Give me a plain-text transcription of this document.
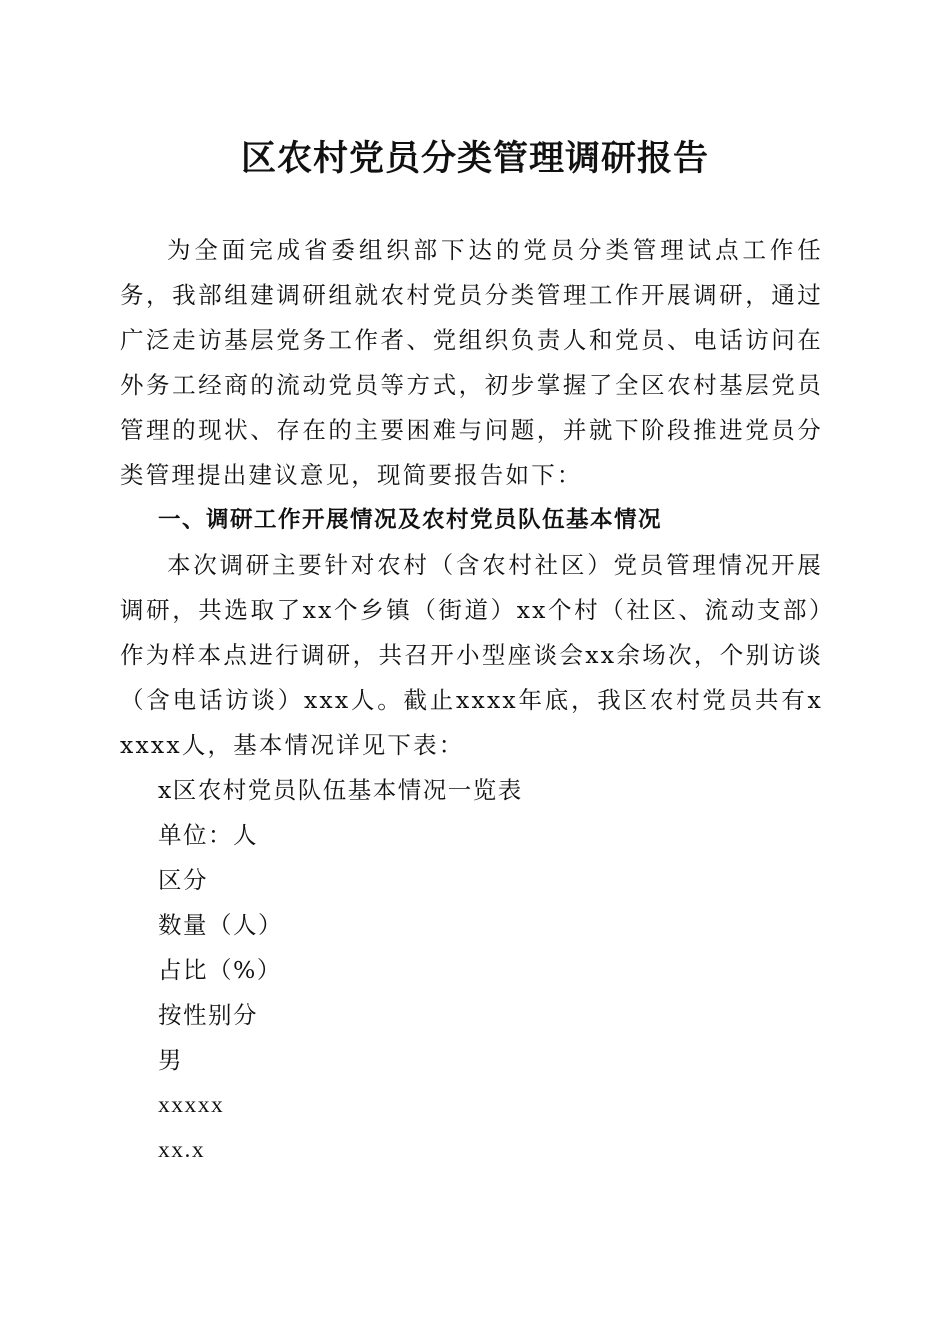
区农村党员分类管理调研报告

为全面完成省委组织部下达的党员分类管理试点工作任务，我部组建调研组就农村党员分类管理工作开展调研，通过广泛走访基层党务工作者、党组织负责人和党员、电话访问在外务工经商的流动党员等方式，初步掌握了全区农村基层党员管理的现状、存在的主要困难与问题，并就下阶段推进党员分类管理提出建议意见，现简要报告如下：

一、调研工作开展情况及农村党员队伍基本情况

本次调研主要针对农村（含农村社区）党员管理情况开展调研，共选取了xx个乡镇（街道）xx个村（社区、流动支部）作为样本点进行调研，共召开小型座谈会xx余场次，个别访谈（含电话访谈）xxx人。截止xxxx年底，我区农村党员共有xxxxx人，基本情况详见下表：

x区农村党员队伍基本情况一览表

单位：人

区分

数量（人）

占比（%）

按性别分

男

xxxxx

xx.x
